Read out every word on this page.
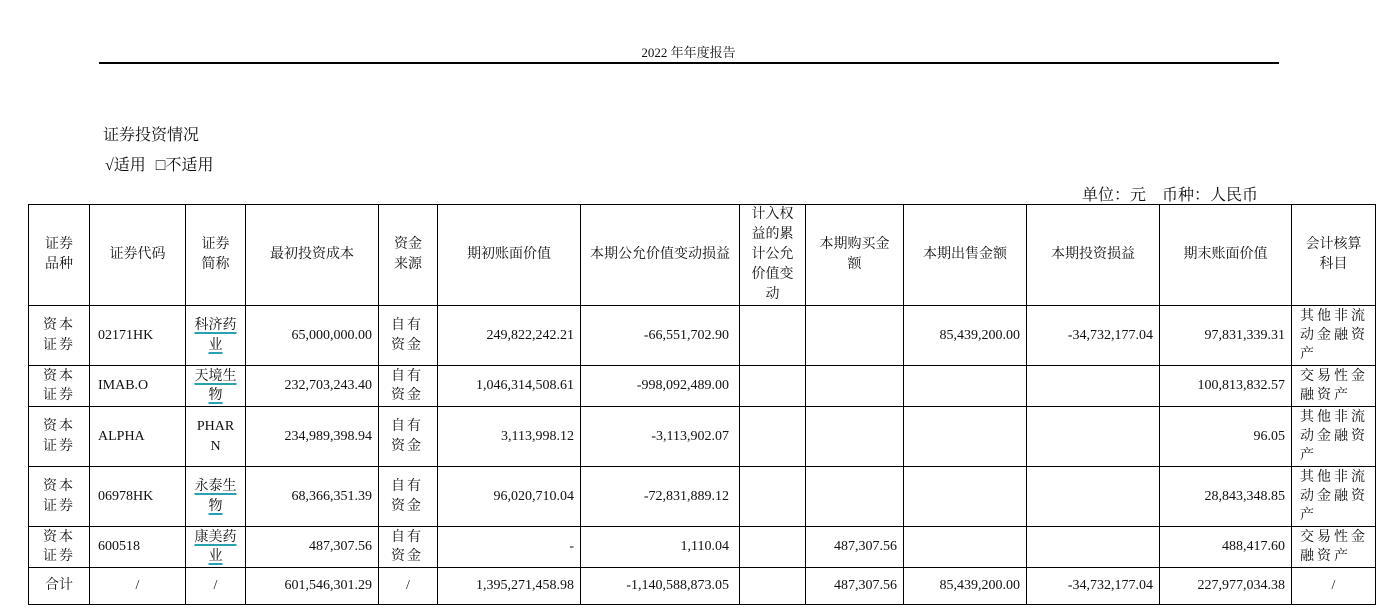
2022 年年度报告
证券投资情况
√适用 □不适用
单位：元 币种：人民币
证券品种	证券代码	证券简称	最初投资成本	资金来源	期初账面价值	本期公允价值变动损益	计入权益的累计公允价值变动	本期购买金额	本期出售金额	本期投资损益	期末账面价值	会计核算科目
资本证券	02171HK	科济药业	65,000,000.00	自有资金	249,822,242.21	-66,551,702.90			85,439,200.00	-34,732,177.04	97,831,339.31	其他非流动金融资产
资本证券	IMAB.O	天境生物	232,703,243.40	自有资金	1,046,314,508.61	-998,092,489.00					100,813,832.57	交易性金融资产
资本证券	ALPHA	PHARN	234,989,398.94	自有资金	3,113,998.12	-3,113,902.07					96.05	其他非流动金融资产
资本证券	06978HK	永泰生物	68,366,351.39	自有资金	96,020,710.04	-72,831,889.12					28,843,348.85	其他非流动金融资产
资本证券	600518	康美药业	487,307.56	自有资金	-	1,110.04		487,307.56			488,417.60	交易性金融资产
合计	/	/	601,546,301.29	/	1,395,271,458.98	-1,140,588,873.05		487,307.56	85,439,200.00	-34,732,177.04	227,977,034.38	/
